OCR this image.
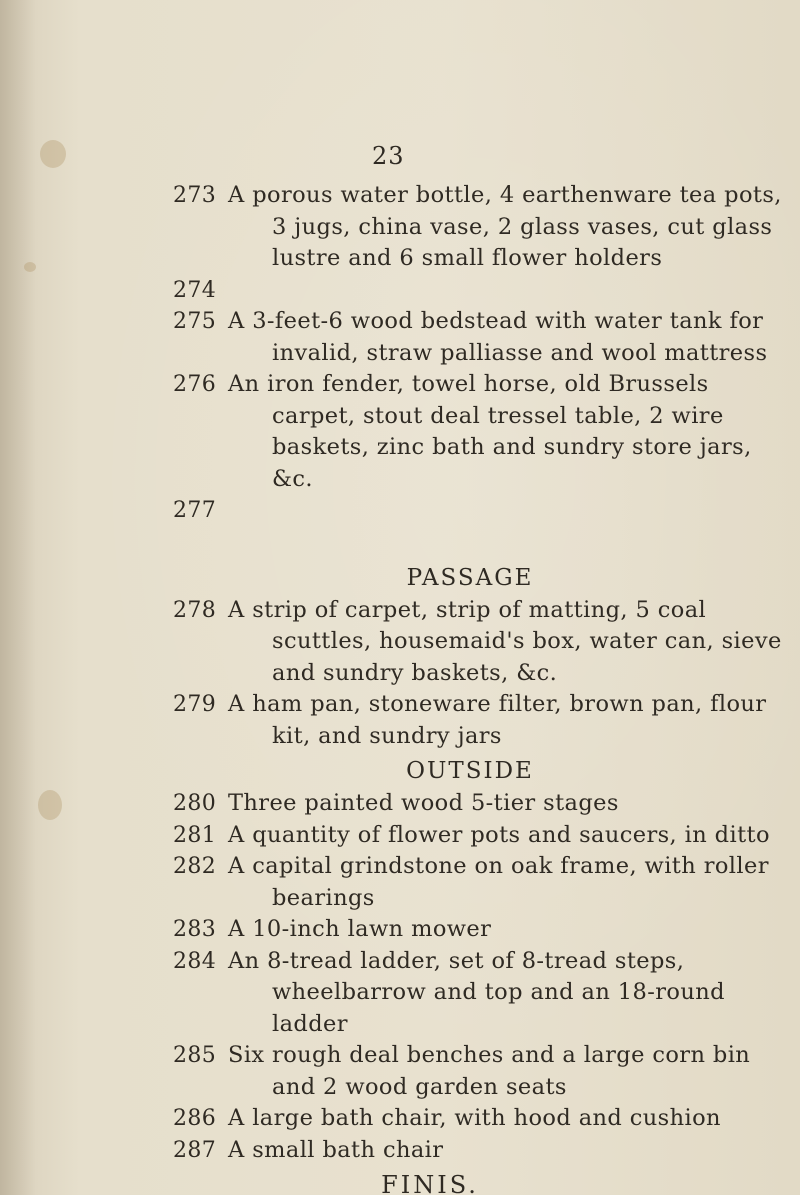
23
273 A porous water bottle, 4 earthenware tea pots, 3 jugs, china vase, 2 glass vases, cut glass lustre and 6 small flower holders
274

275 A 3-feet-6 wood bedstead with water tank for invalid, straw palliasse and wool mattress
276 An iron fender, towel horse, old Brussels carpet, stout deal tressel table, 2 wire baskets, zinc bath and sundry store jars, &c.
277

PASSAGE
278 A strip of carpet, strip of matting, 5 coal scuttles, housemaid's box, water can, sieve and sundry baskets, &c.
279 A ham pan, stoneware filter, brown pan, flour kit, and sundry jars
OUTSIDE
280 Three painted wood 5-tier stages
281 A quantity of flower pots and saucers, in ditto
282 A capital grindstone on oak frame, with roller bearings
283 A 10-inch lawn mower
284 An 8-tread ladder, set of 8-tread steps, wheelbarrow and top and an 18-round ladder
285 Six rough deal benches and a large corn bin and 2 wood garden seats
286 A large bath chair, with hood and cushion
287 A small bath chair
FINIS.
